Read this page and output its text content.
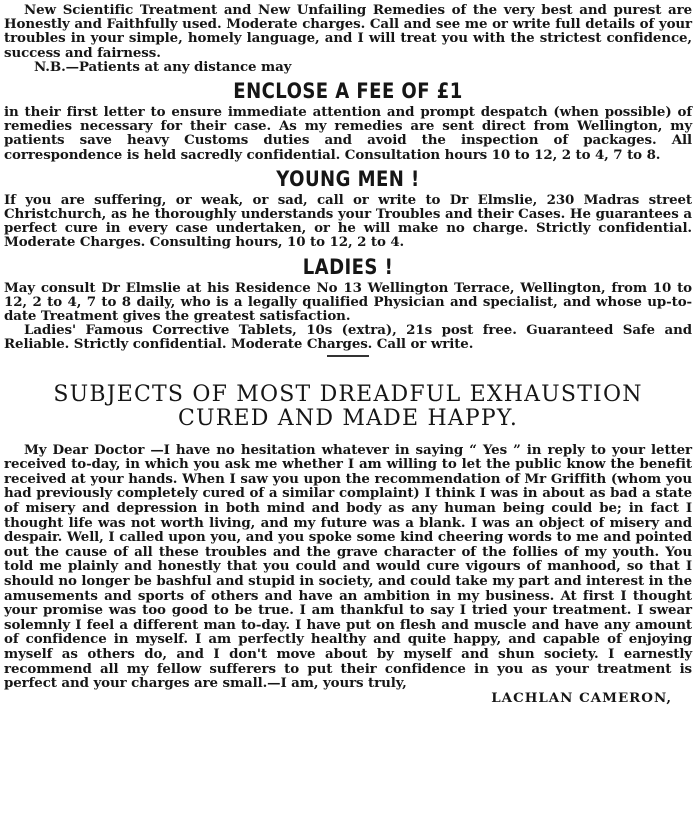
New Scientific Treatment and New Unfailing Remedies of the very best and purest are Honestly and Faithfully used. Moderate charges. Call and see me or write full details of your troubles in your simple, homely language, and I will treat you with the strictest confidence, success and fairness.

N.B.—Patients at any distance may

ENCLOSE A FEE OF £1

in their first letter to ensure immediate attention and prompt despatch (when possible) of remedies necessary for their case. As my remedies are sent direct from Wellington, my patients save heavy Customs duties and avoid the inspection of packages. All correspondence is held sacredly confidential. Consultation hours 10 to 12, 2 to 4, 7 to 8.

YOUNG MEN !

If you are suffering, or weak, or sad, call or write to Dr Elmslie, 230 Madras street Christchurch, as he thoroughly understands your Troubles and their Cases. He guarantees a perfect cure in every case undertaken, or he will make no charge. Strictly confidential. Moderate Charges. Consulting hours, 10 to 12, 2 to 4.

LADIES !

May consult Dr Elmslie at his Residence No 13 Wellington Terrace, Wellington, from 10 to 12, 2 to 4, 7 to 8 daily, who is a legally qualified Physician and specialist, and whose up-to-date Treatment gives the greatest satisfaction.

Ladies' Famous Corrective Tablets, 10s (extra), 21s post free. Guaranteed Safe and Reliable. Strictly confidential. Moderate Charges. Call or write.

SUBJECTS OF MOST DREADFUL EXHAUSTION
CURED AND MADE HAPPY.

My Dear Doctor —I have no hesitation whatever in saying “ Yes ” in reply to your letter received to-day, in which you ask me whether I am willing to let the public know the benefit received at your hands. When I saw you upon the recommendation of Mr Griffith (whom you had previously completely cured of a similar complaint) I think I was in about as bad a state of misery and depression in both mind and body as any human being could be; in fact I thought life was not worth living, and my future was a blank. I was an object of misery and despair. Well, I called upon you, and you spoke some kind cheering words to me and pointed out the cause of all these troubles and the grave character of the follies of my youth. You told me plainly and honestly that you could and would cure vigours of manhood, so that I should no longer be bashful and stupid in society, and could take my part and interest in the amusements and sports of others and have an ambition in my business. At first I thought your promise was too good to be true. I am thankful to say I tried your treatment. I swear solemnly I feel a different man to-day. I have put on flesh and muscle and have any amount of confidence in myself. I am perfectly healthy and quite happy, and capable of enjoying myself as others do, and I don't move about by myself and shun society. I earnestly recommend all my fellow sufferers to put their confidence in you as your treatment is perfect and your charges are small.—I am, yours truly,

LACHLAN CAMERON,
